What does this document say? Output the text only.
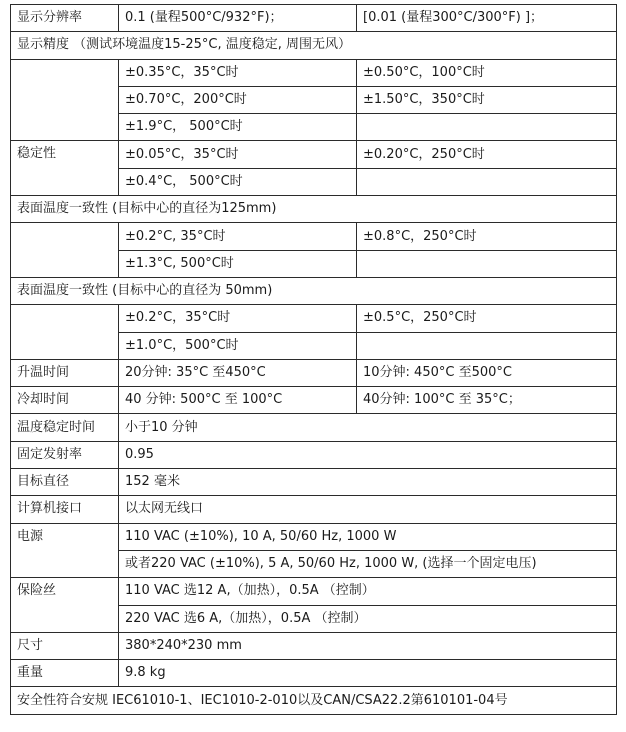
显示分辨率	0.1 (量程500°C/932°F)；	[0.01 (量程300°C/300°F) ]；
显示精度 （测试环境温度15-25°C, 温度稳定, 周围无风）		
	±0.35°C，35°C时	±0.50°C，100°C时
	±0.70°C，200°C时	±1.50°C，350°C时
	±1.9°C， 500°C时	
稳定性	±0.05°C，35°C时	±0.20°C，250°C时
	±0.4°C， 500°C时	
表面温度一致性 (目标中心的直径为125mm)		
	±0.2°C, 35°C时	±0.8°C，250°C时
	±1.3°C, 500°C时	
表面温度一致性 (目标中心的直径为 50mm)		
	±0.2°C，35°C时	±0.5°C，250°C时
	±1.0°C，500°C时	
升温时间	20分钟: 35°C 至450°C	10分钟: 450°C 至500°C
冷却时间	40 分钟: 500°C 至 100°C	40分钟: 100°C 至 35°C；
温度稳定时间	小于10 分钟	
固定发射率	0.95	
目标直径	152 毫米	
计算机接口	以太网无线口	
电源	110 VAC (±10%), 10 A, 50/60 Hz, 1000 W	
	或者220 VAC (±10%), 5 A, 50/60 Hz, 1000 W, (选择一个固定电压)	
保险丝	110 VAC 选12 A,（加热），0.5A （控制）	
	220 VAC 选6 A,（加热），0.5A （控制）	
尺寸	380*240*230 mm	
重量	9.8 kg	
安全性符合安规 IEC61010-1、IEC1010-2-010以及CAN/CSA22.2第610101-04号		
